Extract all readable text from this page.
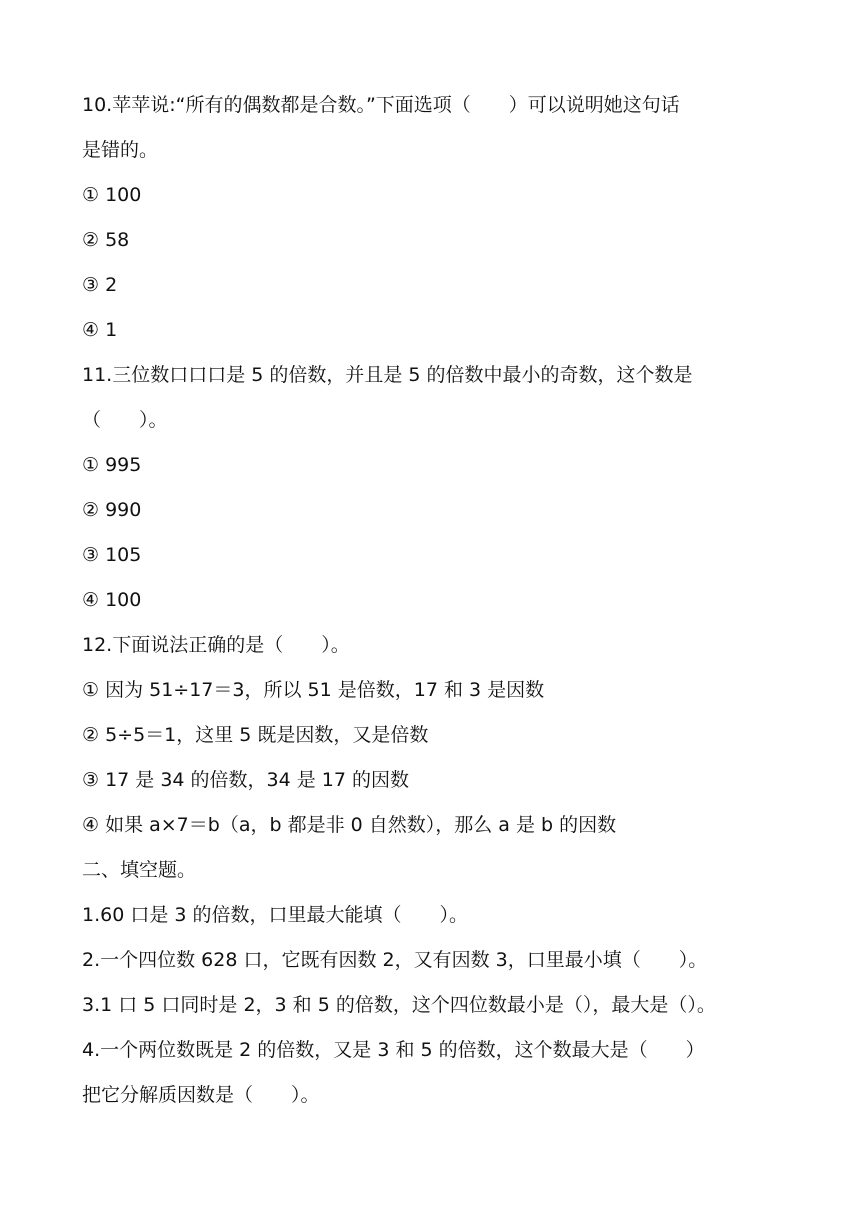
10.苹苹说:“所有的偶数都是合数。”下面选项（　　）可以说明她这句话
是错的。
① 100
② 58
③ 2
④ 1
11.三位数口口口是 5 的倍数，并且是 5 的倍数中最小的奇数，这个数是
（　　）。
① 995
② 990
③ 105
④ 100
12.下面说法正确的是（　　）。
① 因为 51÷17＝3，所以 51 是倍数，17 和 3 是因数
② 5÷5＝1，这里 5 既是因数，又是倍数
③ 17 是 34 的倍数，34 是 17 的因数
④ 如果 a×7＝b（a，b 都是非 0 自然数），那么 a 是 b 的因数
二、填空题。
1.60 口是 3 的倍数，口里最大能填（　　）。
2.一个四位数 628 口，它既有因数 2，又有因数 3，口里最小填（　　）。
3.1 口 5 口同时是 2，3 和 5 的倍数，这个四位数最小是（），最大是（）。
4.一个两位数既是 2 的倍数，又是 3 和 5 的倍数，这个数最大是（　　）
把它分解质因数是（　　）。
